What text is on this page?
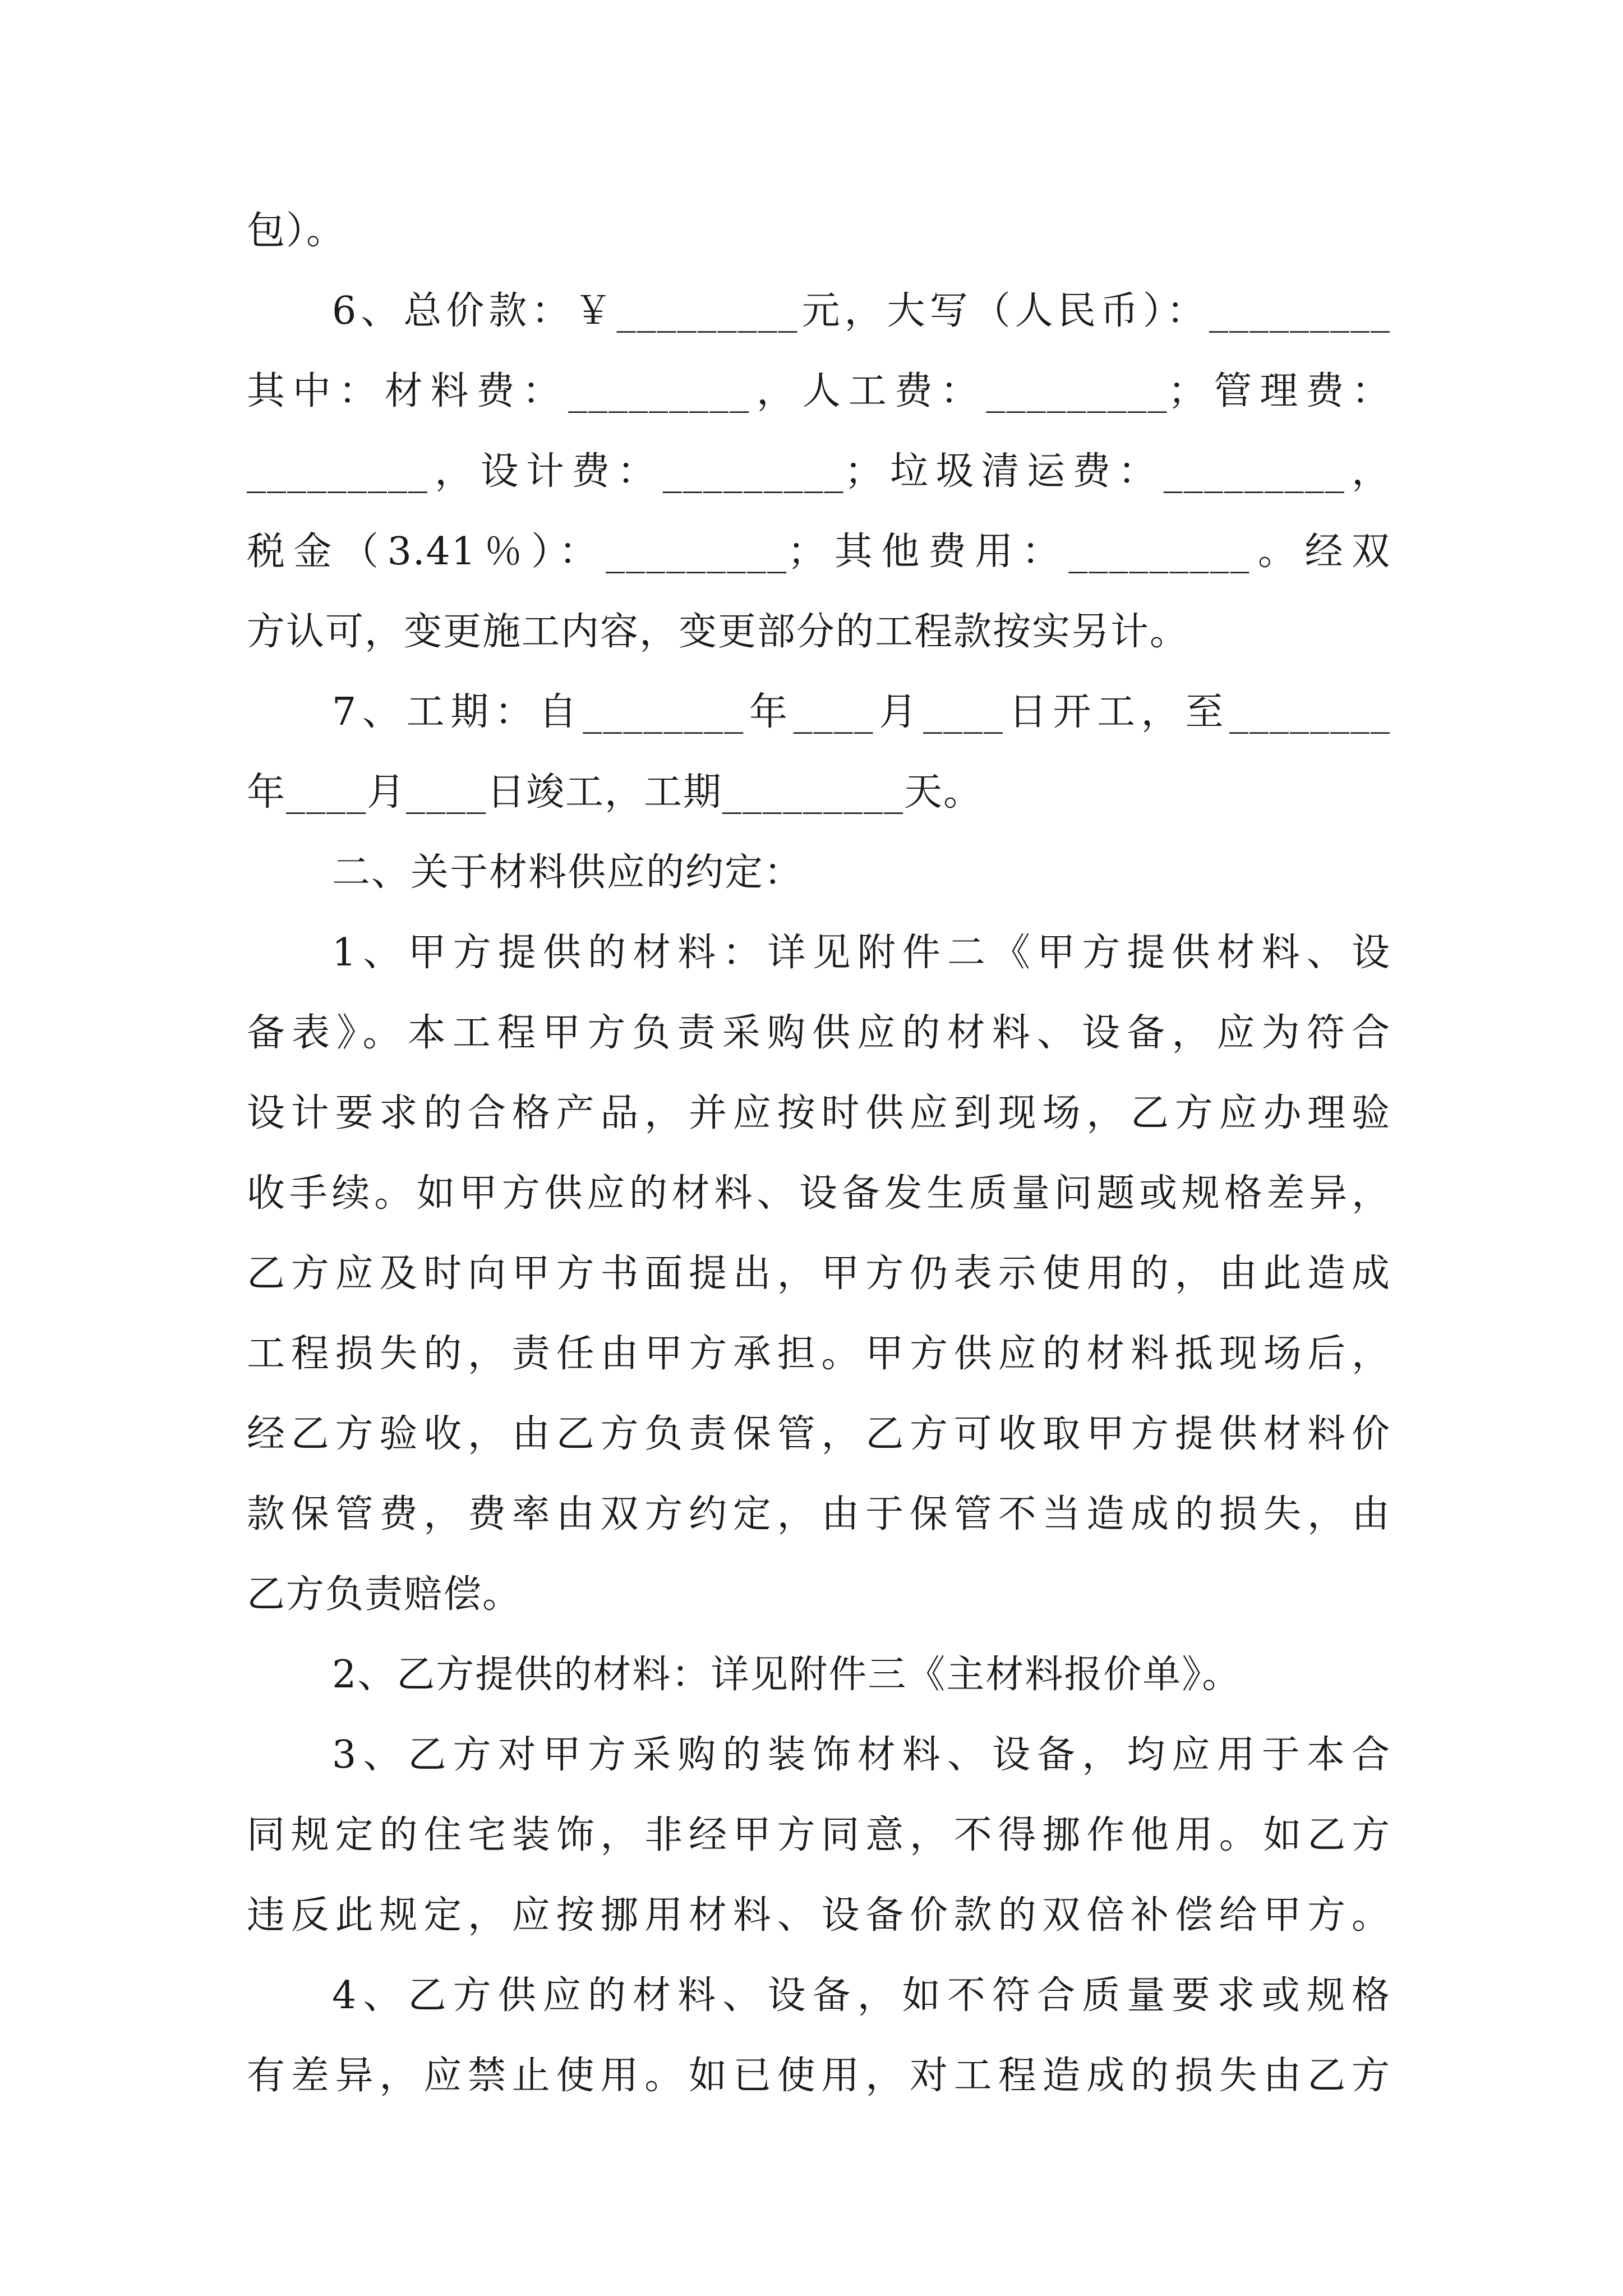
包）。
6、总价款：￥_________元，大写（人民币）：_________
其中：材料费：_________，人工费：_________；管理费：
_________，设计费：_________；垃圾清运费：_________，
税金（3.41％）：_________；其他费用：_________。经双
方认可，变更施工内容，变更部分的工程款按实另计。
7、工期：自________年____月____日开工，至________
年____月____日竣工，工期_________天。
二、关于材料供应的约定：
1、甲方提供的材料：详见附件二《甲方提供材料、设
备表》。本工程甲方负责采购供应的材料、设备，应为符合
设计要求的合格产品，并应按时供应到现场，乙方应办理验
收手续。如甲方供应的材料、设备发生质量问题或规格差异，
乙方应及时向甲方书面提出，甲方仍表示使用的，由此造成
工程损失的，责任由甲方承担。甲方供应的材料抵现场后，
经乙方验收，由乙方负责保管，乙方可收取甲方提供材料价
款保管费，费率由双方约定，由于保管不当造成的损失，由
乙方负责赔偿。
2、乙方提供的材料：详见附件三《主材料报价单》。
3、乙方对甲方采购的装饰材料、设备，均应用于本合
同规定的住宅装饰，非经甲方同意，不得挪作他用。如乙方
违反此规定，应按挪用材料、设备价款的双倍补偿给甲方。
4、乙方供应的材料、设备，如不符合质量要求或规格
有差异，应禁止使用。如已使用，对工程造成的损失由乙方
